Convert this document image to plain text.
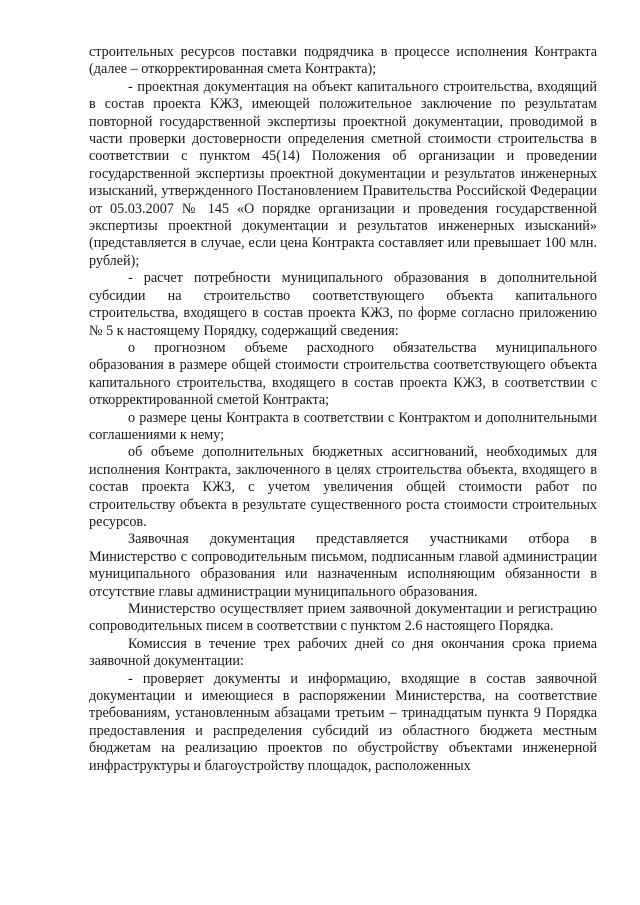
строительных ресурсов поставки подрядчика в процессе исполнения Контракта (далее – откорректированная смета Контракта);

- проектная документация на объект капитального строительства, входящий в состав проекта КЖЗ, имеющей положительное заключение по результатам повторной государственной экспертизы проектной документации, проводимой в части проверки достоверности определения сметной стоимости строительства в соответствии с пунктом 45(14) Положения об организации и проведении государственной экспертизы проектной документации и результатов инженерных изысканий, утвержденного Постановлением Правительства Российской Федерации от 05.03.2007 № 145 «О порядке организации и проведения государственной экспертизы проектной документации и результатов инженерных изысканий» (представляется в случае, если цена Контракта составляет или превышает 100 млн. рублей);

- расчет потребности муниципального образования в дополнительной субсидии на строительство соответствующего объекта капитального строительства, входящего в состав проекта КЖЗ, по форме согласно приложению № 5 к настоящему Порядку, содержащий сведения:

о прогнозном объеме расходного обязательства муниципального образования в размере общей стоимости строительства соответствующего объекта капитального строительства, входящего в состав проекта КЖЗ, в соответствии с откорректированной сметой Контракта;

о размере цены Контракта в соответствии с Контрактом и дополнительными соглашениями к нему;

об объеме дополнительных бюджетных ассигнований, необходимых для исполнения Контракта, заключенного в целях строительства объекта, входящего в состав проекта КЖЗ, с учетом увеличения общей стоимости работ по строительству объекта в результате существенного роста стоимости строительных ресурсов.

Заявочная документация представляется участниками отбора в Министерство с сопроводительным письмом, подписанным главой администрации муниципального образования или назначенным исполняющим обязанности в отсутствие главы администрации муниципального образования.

Министерство осуществляет прием заявочной документации и регистрацию сопроводительных писем в соответствии с пунктом 2.6 настоящего Порядка.

Комиссия в течение трех рабочих дней со дня окончания срока приема заявочной документации:

- проверяет документы и информацию, входящие в состав заявочной документации и имеющиеся в распоряжении Министерства, на соответствие требованиям, установленным абзацами третьим – тринадцатым пункта 9 Порядка предоставления и распределения субсидий из областного бюджета местным бюджетам на реализацию проектов по обустройству объектами инженерной инфраструктуры и благоустройству площадок, расположенных
